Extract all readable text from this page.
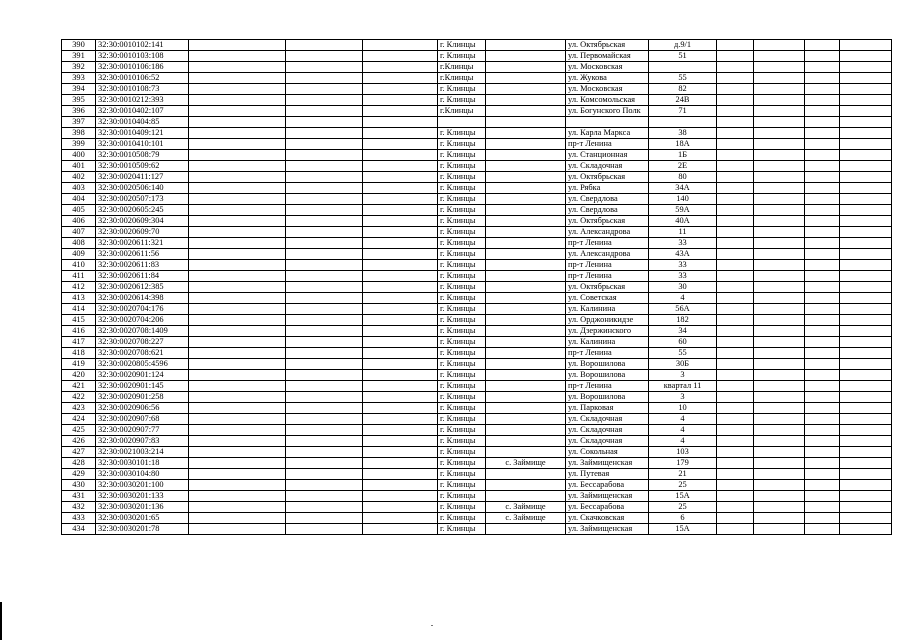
390	32:30:0010102:141				г. Клинцы		ул. Октябрьская	д.9/1				
391	32:30:0010103:108				г. Клинцы		ул. Первомайская	51				
392	32:30:0010106:186				г.Клинцы		ул. Московская					
393	32:30:0010106:52				г.Клинцы		ул. Жукова	55				
394	32:30:0010108:73				г. Клинцы		ул. Московская	82				
395	32:30:0010212:393				г. Клинцы		ул. Комсомольская	24В				
396	32:30:0010402:107				г.Клинцы		ул. Богунского Полк	71				
397	32:30:0010404:85											
398	32:30:0010409:121				г. Клинцы		ул. Карла Маркса	38				
399	32:30:0010410:101				г. Клинцы		пр-т Ленина	18А				
400	32:30:0010508:79				г. Клинцы		ул. Станционная	1Б				
401	32:30:0010509:62				г. Клинцы		ул. Складочная	2Е				
402	32:30:0020411:127				г. Клинцы		ул. Октябрьская	80				
403	32:30:0020506:140				г. Клинцы		ул. Рябка	34А				
404	32:30:0020507:173				г. Клинцы		ул. Свердлова	140				
405	32:30:0020605:245				г. Клинцы		ул. Свердлова	59А				
406	32:30:0020609:304				г. Клинцы		ул. Октябрьская	40А				
407	32:30:0020609:70				г. Клинцы		ул. Александрова	11				
408	32:30:0020611:321				г. Клинцы		пр-т Ленина	33				
409	32:30:0020611:56				г. Клинцы		ул. Александрова	43А				
410	32:30:0020611:83				г. Клинцы		пр-т Ленина	33				
411	32:30:0020611:84				г. Клинцы		пр-т Ленина	33				
412	32:30:0020612:385				г. Клинцы		ул. Октябрьская	30				
413	32:30:0020614:398				г. Клинцы		ул. Советская	4				
414	32:30:0020704:176				г. Клинцы		ул. Калинина	56А				
415	32:30:0020704:206				г. Клинцы		ул. Орджоникидзе	182				
416	32:30:0020708:1409				г. Клинцы		ул. Дзержинского	34				
417	32:30:0020708:227				г. Клинцы		ул. Калинина	60				
418	32:30:0020708:621				г. Клинцы		пр-т Ленина	55				
419	32:30:0020805:4596				г. Клинцы		ул. Ворошилова	30Б				
420	32:30:0020901:124				г. Клинцы		ул. Ворошилова	3				
421	32:30:0020901:145				г. Клинцы		пр-т Ленина	квартал 11				
422	32:30:0020901:258				г. Клинцы		ул. Ворошилова	3				
423	32:30:0020906:56				г. Клинцы		ул. Парковая	10				
424	32:30:0020907:68				г. Клинцы		ул. Складочная	4				
425	32:30:0020907:77				г. Клинцы		ул. Складочная	4				
426	32:30:0020907:83				г. Клинцы		ул. Складочная	4				
427	32:30:0021003:214				г. Клинцы		ул. Сокольная	103				
428	32:30:0030101:18				г. Клинцы	с. Займище	ул. Займищенская	179				
429	32:30:0030104:80				г. Клинцы		ул. Путевая	21				
430	32:30:0030201:100				г. Клинцы		ул. Бессарабова	25				
431	32:30:0030201:133				г. Клинцы		ул. Займищенская	15А				
432	32:30:0030201:136				г. Клинцы	с. Займище	ул. Бессарабова	25				
433	32:30:0030201:65				г. Клинцы	с. Займище	ул. Скачковская	6				
434	32:30:0030201:78				г. Клинцы		ул. Займищенская	15А				
